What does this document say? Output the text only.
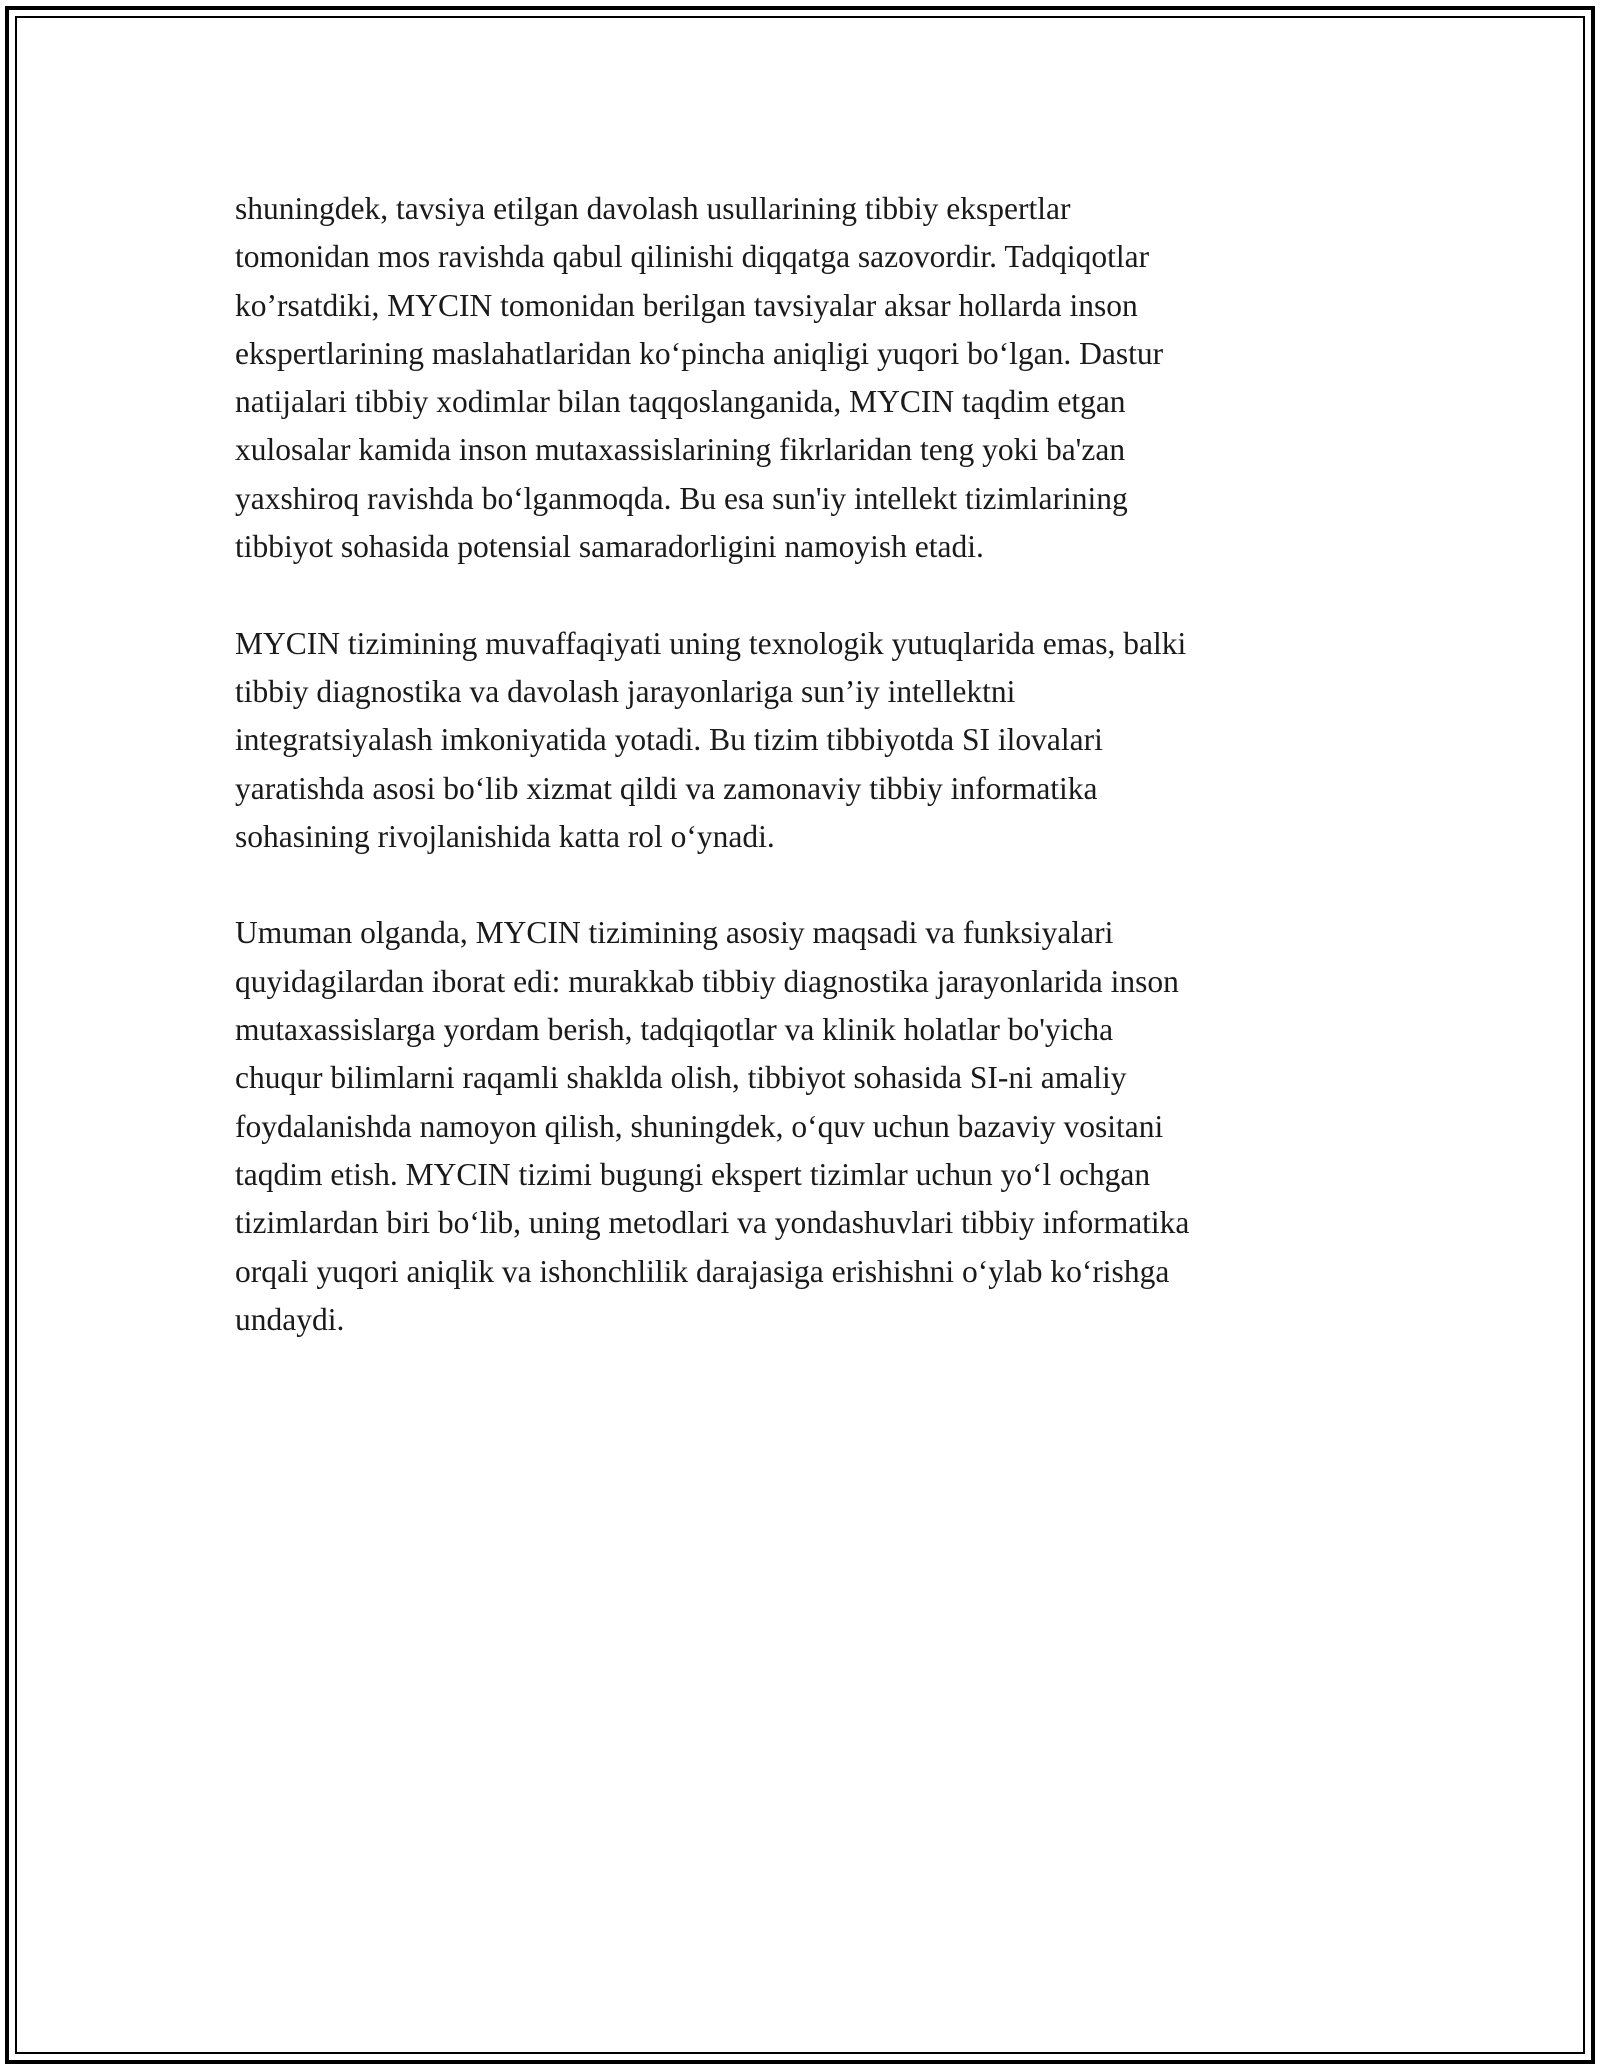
shuningdek, tavsiya etilgan davolash usullarining tibbiy ekspertlar
tomonidan mos ravishda qabul qilinishi diqqatga sazovordir. Tadqiqotlar
ko’rsatdiki, MYCIN tomonidan berilgan tavsiyalar aksar hollarda inson
ekspertlarining maslahatlaridan ko‘pincha aniqligi yuqori bo‘lgan. Dastur
natijalari tibbiy xodimlar bilan taqqoslanganida, MYCIN taqdim etgan
xulosalar kamida inson mutaxassislarining fikrlaridan teng yoki ba'zan
yaxshiroq ravishda bo‘lganmoqda. Bu esa sun'iy intellekt tizimlarining
tibbiyot sohasida potensial samaradorligini namoyish etadi.

MYCIN tizimining muvaffaqiyati uning texnologik yutuqlarida emas, balki
tibbiy diagnostika va davolash jarayonlariga sun’iy intellektni
integratsiyalash imkoniyatida yotadi. Bu tizim tibbiyotda SI ilovalari
yaratishda asosi bo‘lib xizmat qildi va zamonaviy tibbiy informatika
sohasining rivojlanishida katta rol o‘ynadi.

Umuman olganda, MYCIN tizimining asosiy maqsadi va funksiyalari
quyidagilardan iborat edi: murakkab tibbiy diagnostika jarayonlarida inson
mutaxassislarga yordam berish, tadqiqotlar va klinik holatlar bo'yicha
chuqur bilimlarni raqamli shaklda olish, tibbiyot sohasida SI-ni amaliy
foydalanishda namoyon qilish, shuningdek, o‘quv uchun bazaviy vositani
taqdim etish. MYCIN tizimi bugungi ekspert tizimlar uchun yo‘l ochgan
tizimlardan biri bo‘lib, uning metodlari va yondashuvlari tibbiy informatika
orqali yuqori aniqlik va ishonchlilik darajasiga erishishni o‘ylab ko‘rishga
undaydi.
